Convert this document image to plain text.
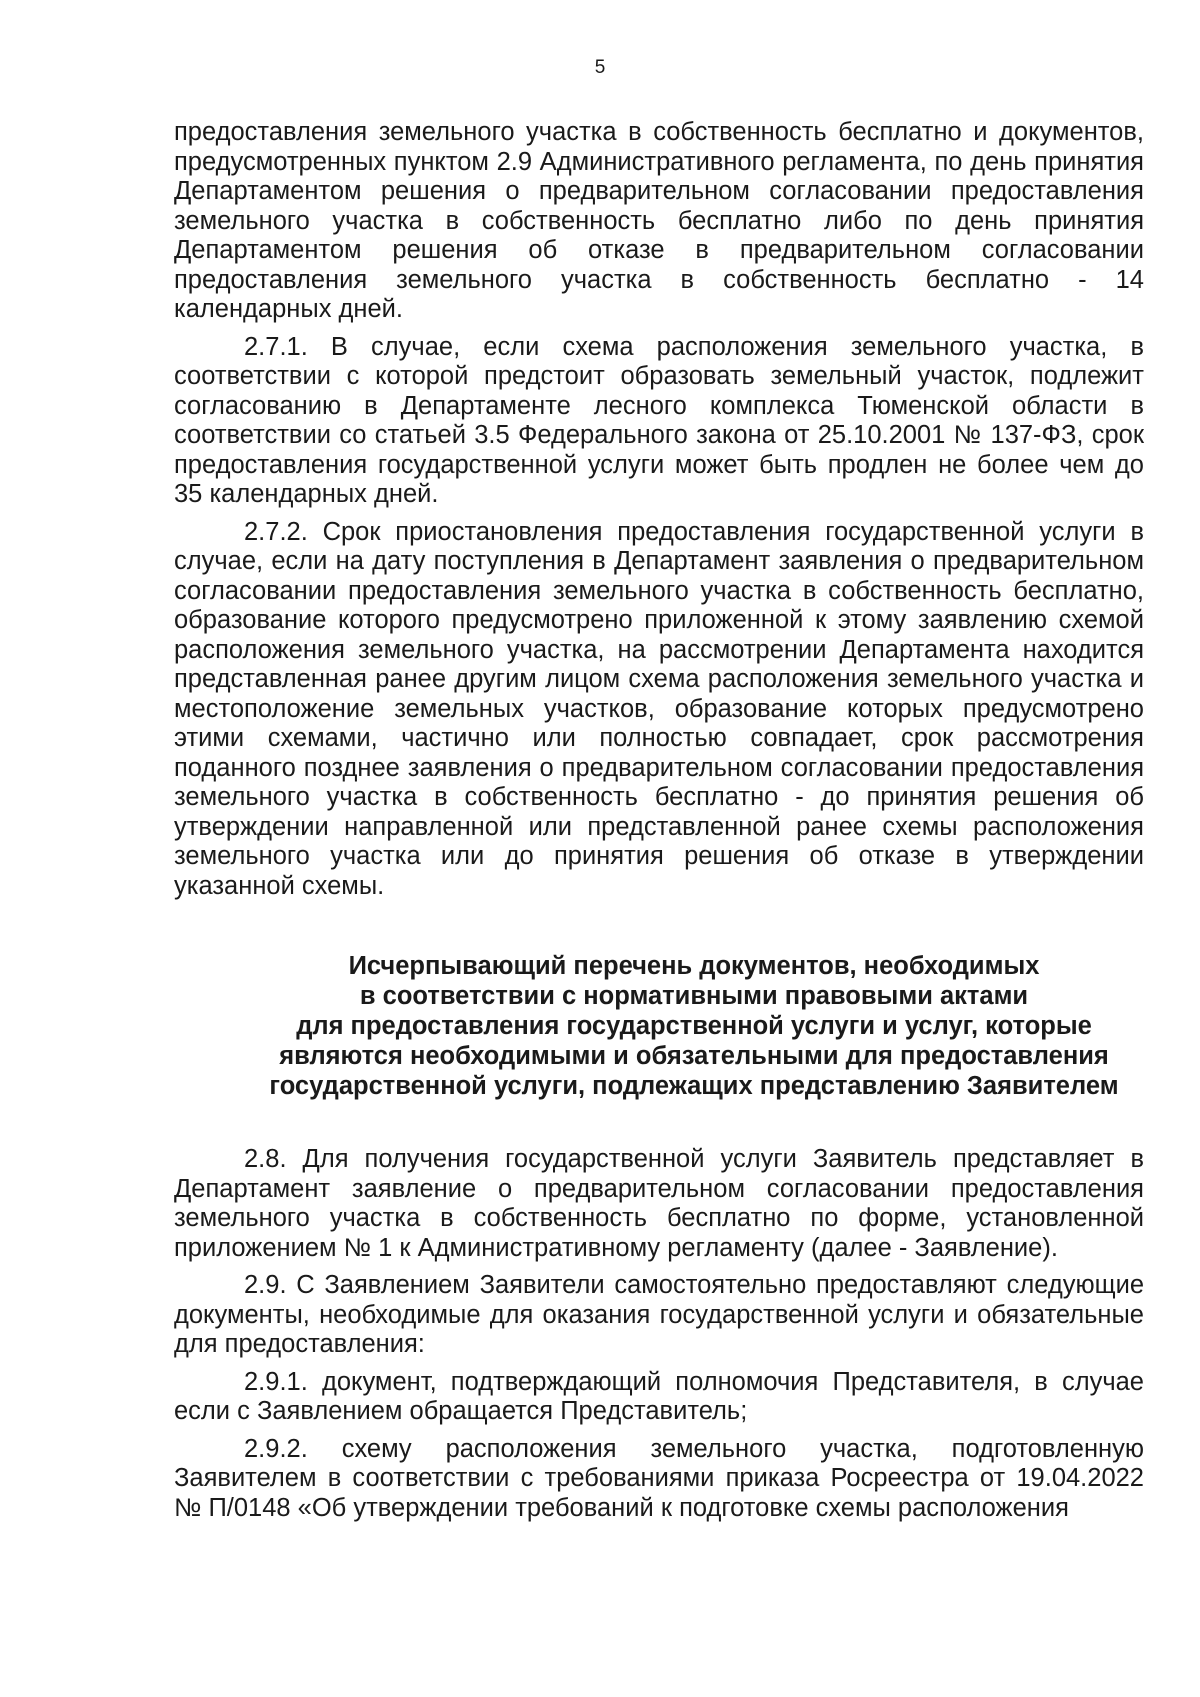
5

предоставления земельного участка в собственность бесплатно и документов, предусмотренных пунктом 2.9 Административного регламента, по день принятия Департаментом решения о предварительном согласовании предоставления земельного участка в собственность бесплатно либо по день принятия Департаментом решения об отказе в предварительном согласовании предоставления земельного участка в собственность бесплатно - 14 календарных дней.

2.7.1. В случае, если схема расположения земельного участка, в соответствии с которой предстоит образовать земельный участок, подлежит согласованию в Департаменте лесного комплекса Тюменской области в соответствии со статьей 3.5 Федерального закона от 25.10.2001 № 137-ФЗ, срок предоставления государственной услуги может быть продлен не более чем до 35 календарных дней.

2.7.2. Срок приостановления предоставления государственной услуги в случае, если на дату поступления в Департамент заявления о предварительном согласовании предоставления земельного участка в собственность бесплатно, образование которого предусмотрено приложенной к этому заявлению схемой расположения земельного участка, на рассмотрении Департамента находится представленная ранее другим лицом схема расположения земельного участка и местоположение земельных участков, образование которых предусмотрено этими схемами, частично или полностью совпадает, срок рассмотрения поданного позднее заявления о предварительном согласовании предоставления земельного участка в собственность бесплатно - до принятия решения об утверждении направленной или представленной ранее схемы расположения земельного участка или до принятия решения об отказе в утверждении указанной схемы.

Исчерпывающий перечень документов, необходимых
в соответствии с нормативными правовыми актами
для предоставления государственной услуги и услуг, которые
являются необходимыми и обязательными для предоставления
государственной услуги, подлежащих представлению Заявителем

2.8. Для получения государственной услуги Заявитель представляет в Департамент заявление о предварительном согласовании предоставления земельного участка в собственность бесплатно по форме, установленной приложением № 1 к Административному регламенту (далее - Заявление).

2.9. С Заявлением Заявители самостоятельно предоставляют следующие документы, необходимые для оказания государственной услуги и обязательные для предоставления:

2.9.1. документ, подтверждающий полномочия Представителя, в случае если с Заявлением обращается Представитель;

2.9.2. схему расположения земельного участка, подготовленную Заявителем в соответствии с требованиями приказа Росреестра от 19.04.2022 № П/0148 «Об утверждении требований к подготовке схемы расположения
